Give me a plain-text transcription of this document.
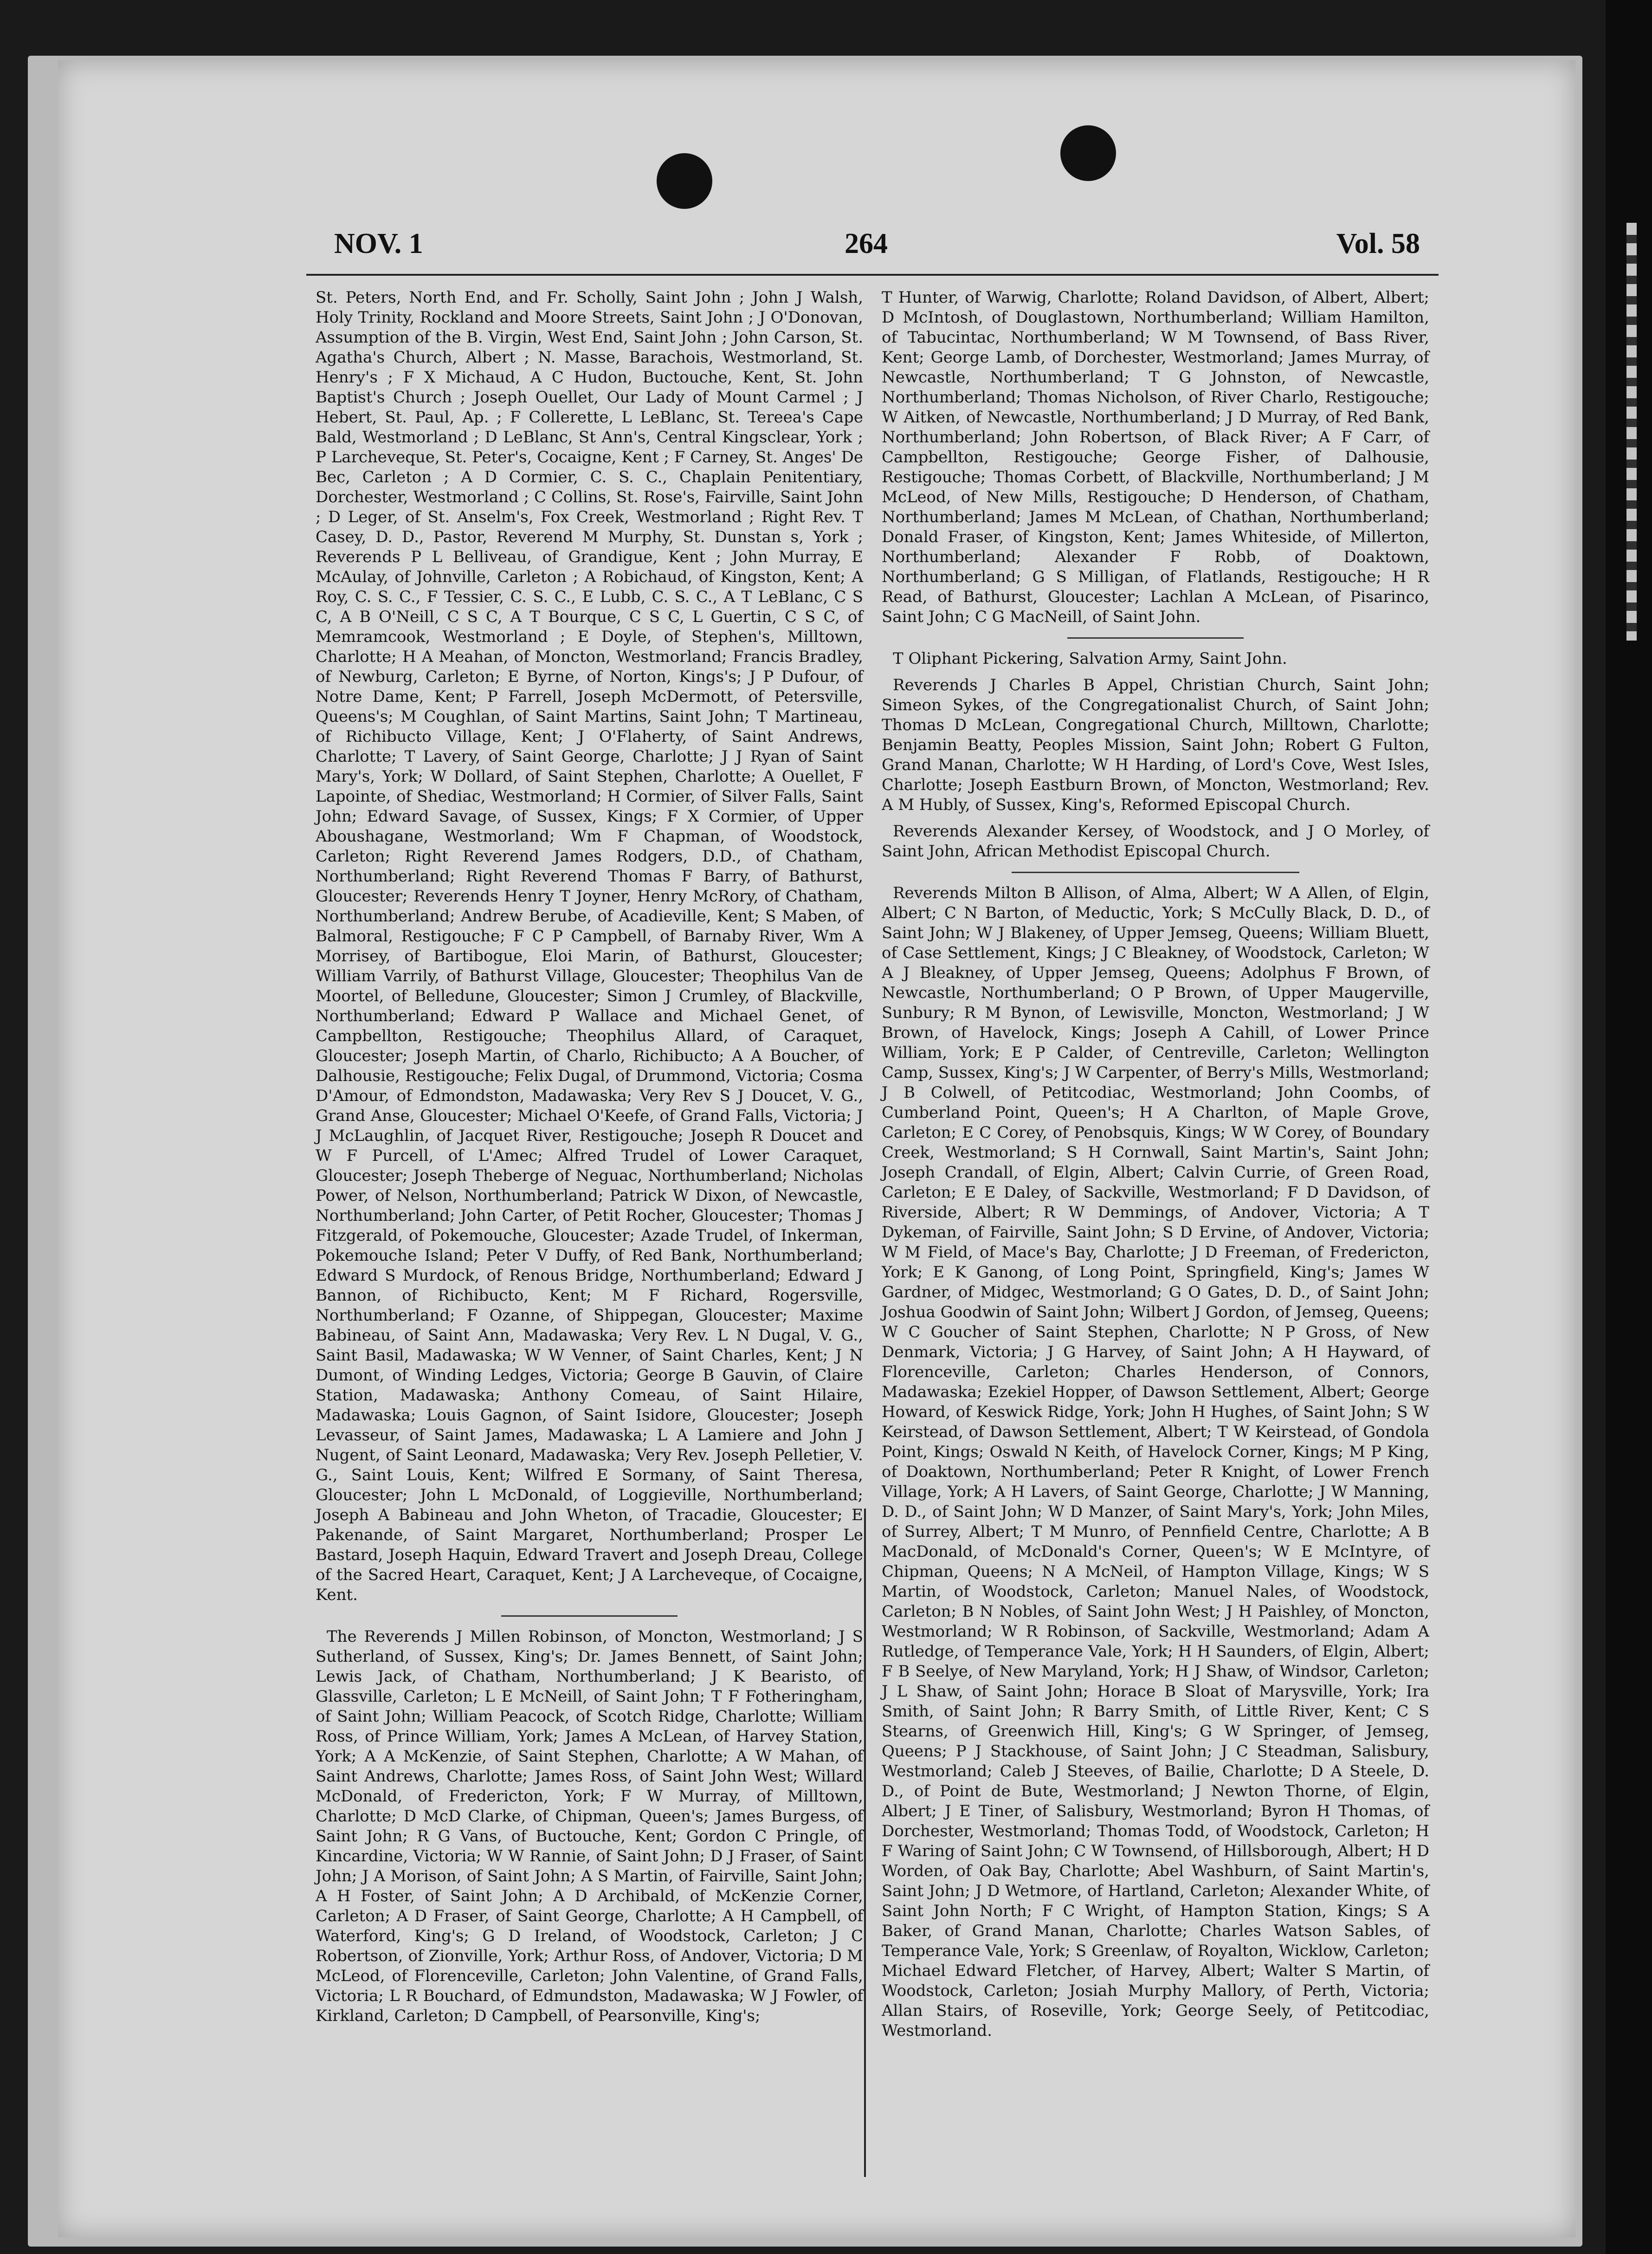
NOV. 1	264	Vol. 58

St. Peters, North End, and Fr. Scholly, Saint John ; John J Walsh, Holy Trinity, Rockland and Moore Streets, Saint John ; J O'Donovan, Assumption of the B. Virgin, West End, Saint John ; John Carson, St. Agatha's Church, Albert ; N. Masse, Barachois, Westmorland, St. Henry's ; F X Michaud, A C Hudon, Buctouche, Kent, St. John Baptist's Church ; Joseph Ouellet, Our Lady of Mount Carmel ; J Hebert, St. Paul, Ap. ; F Collerette, L LeBlanc, St. Tereea's Cape Bald, Westmorland ; D LeBlanc, St Ann's, Central Kingsclear, York ; P Larcheveque, St. Peter's, Cocaigne, Kent ; F Carney, St. Anges' De Bec, Carleton ; A D Cormier, C. S. C., Chaplain Penitentiary, Dorchester, Westmorland ; C Collins, St. Rose's, Fairville, Saint John ; D Leger, of St. Anselm's, Fox Creek, Westmorland ; Right Rev. T Casey, D. D., Pastor, Reverend M Murphy, St. Dunstan s, York ; Reverends P L Belliveau, of Grandigue, Kent ; John Murray, E McAulay, of Johnville, Carleton ; A Robichaud, of Kingston, Kent; A Roy, C. S. C., F Tessier, C. S. C., E Lubb, C. S. C., A T LeBlanc, C S C, A B O'Neill, C S C, A T Bourque, C S C, L Guertin, C S C, of Memramcook, Westmorland ; E Doyle, of Stephen's, Milltown, Charlotte; H A Meahan, of Moncton, Westmorland; Francis Bradley, of Newburg, Carleton; E Byrne, of Norton, Kings's; J P Dufour, of Notre Dame, Kent; P Farrell, Joseph McDermott, of Petersville, Queens's; M Coughlan, of Saint Martins, Saint John; T Martineau, of Richibucto Village, Kent; J O'Flaherty, of Saint Andrews, Charlotte; T Lavery, of Saint George, Charlotte; J J Ryan of Saint Mary's, York; W Dollard, of Saint Stephen, Charlotte; A Ouellet, F Lapointe, of Shediac, Westmorland; H Cormier, of Silver Falls, Saint John; Edward Savage, of Sussex, Kings; F X Cormier, of Upper Aboushagane, Westmorland; Wm F Chapman, of Woodstock, Carleton; Right Reverend James Rodgers, D.D., of Chatham, Northumberland; Right Reverend Thomas F Barry, of Bathurst, Gloucester; Reverends Henry T Joyner, Henry McRory, of Chatham, Northumberland; Andrew Berube, of Acadieville, Kent; S Maben, of Balmoral, Restigouche; F C P Campbell, of Barnaby River, Wm A Morrisey, of Bartibogue, Eloi Marin, of Bathurst, Gloucester; William Varrily, of Bathurst Village, Gloucester; Theophilus Van de Moortel, of Belledune, Gloucester; Simon J Crumley, of Blackville, Northumberland; Edward P Wallace and Michael Genet, of Campbellton, Restigouche; Theophilus Allard, of Caraquet, Gloucester; Joseph Martin, of Charlo, Richibucto; A A Boucher, of Dalhousie, Restigouche; Felix Dugal, of Drummond, Victoria; Cosma D'Amour, of Edmondston, Madawaska; Very Rev S J Doucet, V. G., Grand Anse, Gloucester; Michael O'Keefe, of Grand Falls, Victoria; J J McLaughlin, of Jacquet River, Restigouche; Joseph R Doucet and W F Purcell, of L'Amec; Alfred Trudel of Lower Caraquet, Gloucester; Joseph Theberge of Neguac, Northumberland; Nicholas Power, of Nelson, Northumberland; Patrick W Dixon, of Newcastle, Northumberland; John Carter, of Petit Rocher, Gloucester; Thomas J Fitzgerald, of Pokemouche, Gloucester; Azade Trudel, of Inkerman, Pokemouche Island; Peter V Duffy, of Red Bank, Northumberland; Edward S Murdock, of Renous Bridge, Northumberland; Edward J Bannon, of Richibucto, Kent; M F Richard, Rogersville, Northumberland; F Ozanne, of Shippegan, Gloucester; Maxime Babineau, of Saint Ann, Madawaska; Very Rev. L N Dugal, V. G., Saint Basil, Madawaska; W W Venner, of Saint Charles, Kent; J N Dumont, of Winding Ledges, Victoria; George B Gauvin, of Claire Station, Madawaska; Anthony Comeau, of Saint Hilaire, Madawaska; Louis Gagnon, of Saint Isidore, Gloucester; Joseph Levasseur, of Saint James, Madawaska; L A Lamiere and John J Nugent, of Saint Leonard, Madawaska; Very Rev. Joseph Pelletier, V. G., Saint Louis, Kent; Wilfred E Sormany, of Saint Theresa, Gloucester; John L McDonald, of Loggieville, Northumberland; Joseph A Babineau and John Wheton, of Tracadie, Gloucester; E Pakenande, of Saint Margaret, Northumberland; Prosper Le Bastard, Joseph Haquin, Edward Travert and Joseph Dreau, College of the Sacred Heart, Caraquet, Kent; J A Larcheveque, of Cocaigne, Kent.

The Reverends J Millen Robinson, of Moncton, Westmorland; J S Sutherland, of Sussex, King's; Dr. James Bennett, of Saint John; Lewis Jack, of Chatham, Northumberland; J K Bearisto, of Glassville, Carleton; L E McNeill, of Saint John; T F Fotheringham, of Saint John; William Peacock, of Scotch Ridge, Charlotte; William Ross, of Prince William, York; James A McLean, of Harvey Station, York; A A McKenzie, of Saint Stephen, Charlotte; A W Mahan, of Saint Andrews, Charlotte; James Ross, of Saint John West; Willard McDonald, of Fredericton, York; F W Murray, of Milltown, Charlotte; D McD Clarke, of Chipman, Queen's; James Burgess, of Saint John; R G Vans, of Buctouche, Kent; Gordon C Pringle, of Kincardine, Victoria; W W Rannie, of Saint John; D J Fraser, of Saint John; J A Morison, of Saint John; A S Martin, of Fairville, Saint John; A H Foster, of Saint John; A D Archibald, of McKenzie Corner, Carleton; A D Fraser, of Saint George, Charlotte; A H Campbell, of Waterford, King's; G D Ireland, of Woodstock, Carleton; J C Robertson, of Zionville, York; Arthur Ross, of Andover, Victoria; D M McLeod, of Florenceville, Carleton; John Valentine, of Grand Falls, Victoria; L R Bouchard, of Edmundston, Madawaska; W J Fowler, of Kirkland, Carleton; D Campbell, of Pearsonville, King's;

T Hunter, of Warwig, Charlotte; Roland Davidson, of Albert, Albert; D McIntosh, of Douglastown, Northumberland; William Hamilton, of Tabucintac, Northumberland; W M Townsend, of Bass River, Kent; George Lamb, of Dorchester, Westmorland; James Murray, of Newcastle, Northumberland; T G Johnston, of Newcastle, Northumberland; Thomas Nicholson, of River Charlo, Restigouche; W Aitken, of Newcastle, Northumberland; J D Murray, of Red Bank, Northumberland; John Robertson, of Black River; A F Carr, of Campbellton, Restigouche; George Fisher, of Dalhousie, Restigouche; Thomas Corbett, of Blackville, Northumberland; J M McLeod, of New Mills, Restigouche; D Henderson, of Chatham, Northumberland; James M McLean, of Chathan, Northumberland; Donald Fraser, of Kingston, Kent; James Whiteside, of Millerton, Northumberland; Alexander F Robb, of Doaktown, Northumberland; G S Milligan, of Flatlands, Restigouche; H R Read, of Bathurst, Gloucester; Lachlan A McLean, of Pisarinco, Saint John; C G MacNeill, of Saint John.

T Oliphant Pickering, Salvation Army, Saint John.

Reverends J Charles B Appel, Christian Church, Saint John; Simeon Sykes, of the Congregationalist Church, of Saint John; Thomas D McLean, Congregational Church, Milltown, Charlotte; Benjamin Beatty, Peoples Mission, Saint John; Robert G Fulton, Grand Manan, Charlotte; W H Harding, of Lord's Cove, West Isles, Charlotte; Joseph Eastburn Brown, of Moncton, Westmorland; Rev. A M Hubly, of Sussex, King's, Reformed Episcopal Church.

Reverends Alexander Kersey, of Woodstock, and J O Morley, of Saint John, African Methodist Episcopal Church.

Reverends Milton B Allison, of Alma, Albert; W A Allen, of Elgin, Albert; C N Barton, of Meductic, York; S McCully Black, D. D., of Saint John; W J Blakeney, of Upper Jemseg, Queens; William Bluett, of Case Settlement, Kings; J C Bleakney, of Woodstock, Carleton; W A J Bleakney, of Upper Jemseg, Queens; Adolphus F Brown, of Newcastle, Northumberland; O P Brown, of Upper Maugerville, Sunbury; R M Bynon, of Lewisville, Moncton, Westmorland; J W Brown, of Havelock, Kings; Joseph A Cahill, of Lower Prince William, York; E P Calder, of Centreville, Carleton; Wellington Camp, Sussex, King's; J W Carpenter, of Berry's Mills, Westmorland; J B Colwell, of Petitcodiac, Westmorland; John Coombs, of Cumberland Point, Queen's; H A Charlton, of Maple Grove, Carleton; E C Corey, of Penobsquis, Kings; W W Corey, of Boundary Creek, Westmorland; S H Cornwall, Saint Martin's, Saint John; Joseph Crandall, of Elgin, Albert; Calvin Currie, of Green Road, Carleton; E E Daley, of Sackville, Westmorland; F D Davidson, of Riverside, Albert; R W Demmings, of Andover, Victoria; A T Dykeman, of Fairville, Saint John; S D Ervine, of Andover, Victoria; W M Field, of Mace's Bay, Charlotte; J D Freeman, of Fredericton, York; E K Ganong, of Long Point, Springfield, King's; James W Gardner, of Midgec, Westmorland; G O Gates, D. D., of Saint John; Joshua Goodwin of Saint John; Wilbert J Gordon, of Jemseg, Queens; W C Goucher of Saint Stephen, Charlotte; N P Gross, of New Denmark, Victoria; J G Harvey, of Saint John; A H Hayward, of Florenceville, Carleton; Charles Henderson, of Connors, Madawaska; Ezekiel Hopper, of Dawson Settlement, Albert; George Howard, of Keswick Ridge, York; John H Hughes, of Saint John; S W Keirstead, of Dawson Settlement, Albert; T W Keirstead, of Gondola Point, Kings; Oswald N Keith, of Havelock Corner, Kings; M P King, of Doaktown, Northumberland; Peter R Knight, of Lower French Village, York; A H Lavers, of Saint George, Charlotte; J W Manning, D. D., of Saint John; W D Manzer, of Saint Mary's, York; John Miles, of Surrey, Albert; T M Munro, of Pennfield Centre, Charlotte; A B MacDonald, of McDonald's Corner, Queen's; W E McIntyre, of Chipman, Queens; N A McNeil, of Hampton Village, Kings; W S Martin, of Woodstock, Carleton; Manuel Nales, of Woodstock, Carleton; B N Nobles, of Saint John West; J H Paishley, of Moncton, Westmorland; W R Robinson, of Sackville, Westmorland; Adam A Rutledge, of Temperance Vale, York; H H Saunders, of Elgin, Albert; F B Seelye, of New Maryland, York; H J Shaw, of Windsor, Carleton; J L Shaw, of Saint John; Horace B Sloat of Marysville, York; Ira Smith, of Saint John; R Barry Smith, of Little River, Kent; C S Stearns, of Greenwich Hill, King's; G W Springer, of Jemseg, Queens; P J Stackhouse, of Saint John; J C Steadman, Salisbury, Westmorland; Caleb J Steeves, of Bailie, Charlotte; D A Steele, D. D., of Point de Bute, Westmorland; J Newton Thorne, of Elgin, Albert; J E Tiner, of Salisbury, Westmorland; Byron H Thomas, of Dorchester, Westmorland; Thomas Todd, of Woodstock, Carleton; H F Waring of Saint John; C W Townsend, of Hillsborough, Albert; H D Worden, of Oak Bay, Charlotte; Abel Washburn, of Saint Martin's, Saint John; J D Wetmore, of Hartland, Carleton; Alexander White, of Saint John North; F C Wright, of Hampton Station, Kings; S A Baker, of Grand Manan, Charlotte; Charles Watson Sables, of Temperance Vale, York; S Greenlaw, of Royalton, Wicklow, Carleton; Michael Edward Fletcher, of Harvey, Albert; Walter S Martin, of Woodstock, Carleton; Josiah Murphy Mallory, of Perth, Victoria; Allan Stairs, of Roseville, York; George Seely, of Petitcodiac, Westmorland.
